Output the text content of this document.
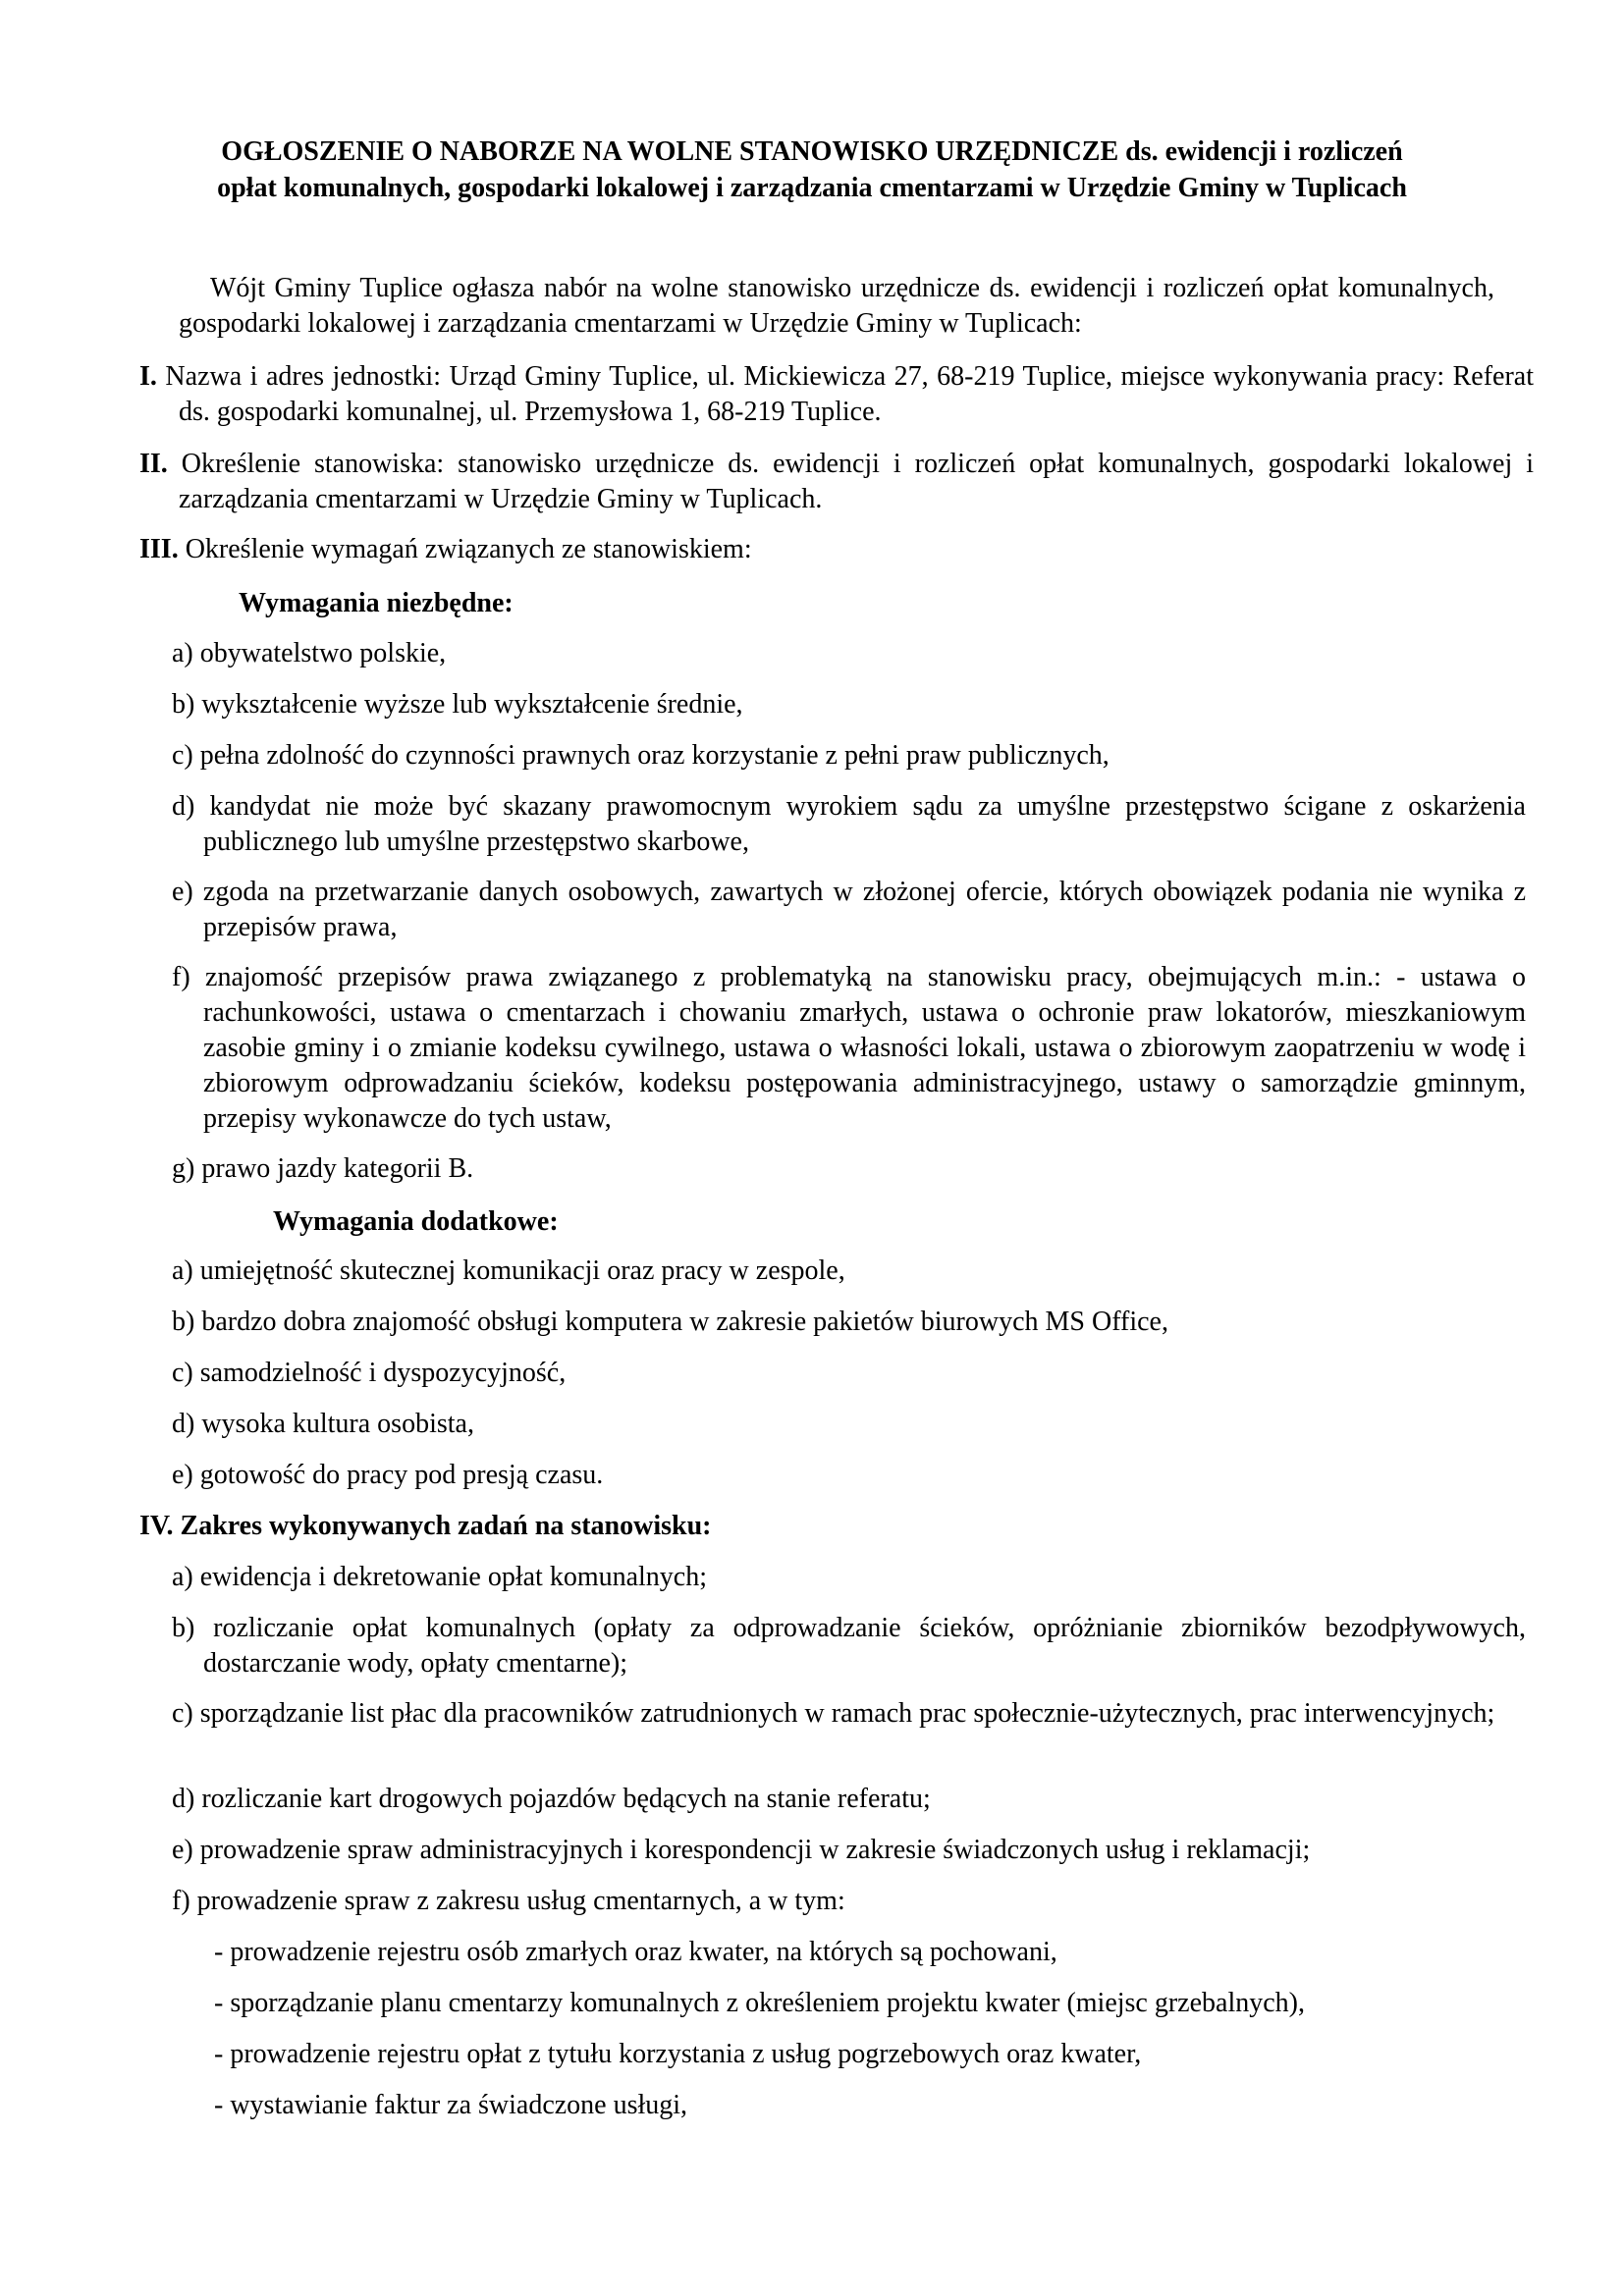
OGŁOSZENIE O NABORZE NA WOLNE STANOWISKO URZĘDNICZE ds. ewidencji i rozliczeń
opłat komunalnych, gospodarki lokalowej i zarządzania cmentarzami w Urzędzie Gminy w Tuplicach
Wójt Gminy Tuplice ogłasza nabór na wolne stanowisko urzędnicze ds. ewidencji i rozliczeń opłat komunalnych, gospodarki lokalowej i zarządzania cmentarzami w Urzędzie Gminy w Tuplicach:
I. Nazwa i adres jednostki: Urząd Gminy Tuplice, ul. Mickiewicza 27, 68-219 Tuplice, miejsce wykonywania pracy: Referat ds. gospodarki komunalnej, ul. Przemysłowa 1, 68-219 Tuplice.
II. Określenie stanowiska: stanowisko urzędnicze ds. ewidencji i rozliczeń opłat komunalnych, gospodarki lokalowej i zarządzania cmentarzami w Urzędzie Gminy w Tuplicach.
III. Określenie wymagań związanych ze stanowiskiem:
Wymagania niezbędne:
a) obywatelstwo polskie,
b) wykształcenie wyższe lub wykształcenie średnie,
c) pełna zdolność do czynności prawnych oraz korzystanie z pełni praw publicznych,
d) kandydat nie może być skazany prawomocnym wyrokiem sądu za umyślne przestępstwo ścigane z oskarżenia publicznego lub umyślne przestępstwo skarbowe,
e) zgoda na przetwarzanie danych osobowych, zawartych w złożonej ofercie, których obowiązek podania nie wynika z przepisów prawa,
f) znajomość przepisów prawa związanego z problematyką na stanowisku pracy, obejmujących m.in.: - ustawa o rachunkowości, ustawa o cmentarzach i chowaniu zmarłych, ustawa o ochronie praw lokatorów, mieszkaniowym zasobie gminy i o zmianie kodeksu cywilnego, ustawa o własności lokali, ustawa o zbiorowym zaopatrzeniu w wodę i zbiorowym odprowadzaniu ścieków, kodeksu postępowania administracyjnego, ustawy o samorządzie gminnym, przepisy wykonawcze do tych ustaw,
g) prawo jazdy kategorii B.
Wymagania dodatkowe:
a) umiejętność skutecznej komunikacji oraz pracy w zespole,
b) bardzo dobra znajomość obsługi komputera w zakresie pakietów biurowych MS Office,
c) samodzielność i dyspozycyjność,
d) wysoka kultura osobista,
e) gotowość do pracy pod presją czasu.
IV. Zakres wykonywanych zadań na stanowisku:
a) ewidencja i dekretowanie opłat komunalnych;
b) rozliczanie opłat komunalnych (opłaty za odprowadzanie ścieków, opróżnianie zbiorników bezodpływowych, dostarczanie wody, opłaty cmentarne);
c) sporządzanie list płac dla pracowników zatrudnionych w ramach prac społecznie-użytecznych, prac interwencyjnych;
d) rozliczanie kart drogowych pojazdów będących na stanie referatu;
e) prowadzenie spraw administracyjnych i korespondencji w zakresie świadczonych usług i reklamacji;
f) prowadzenie spraw z zakresu usług cmentarnych, a w tym:
- prowadzenie rejestru osób zmarłych oraz kwater, na których są pochowani,
- sporządzanie planu cmentarzy komunalnych z określeniem projektu kwater (miejsc grzebalnych),
- prowadzenie rejestru opłat z tytułu korzystania z usług pogrzebowych oraz kwater,
- wystawianie faktur za świadczone usługi,
